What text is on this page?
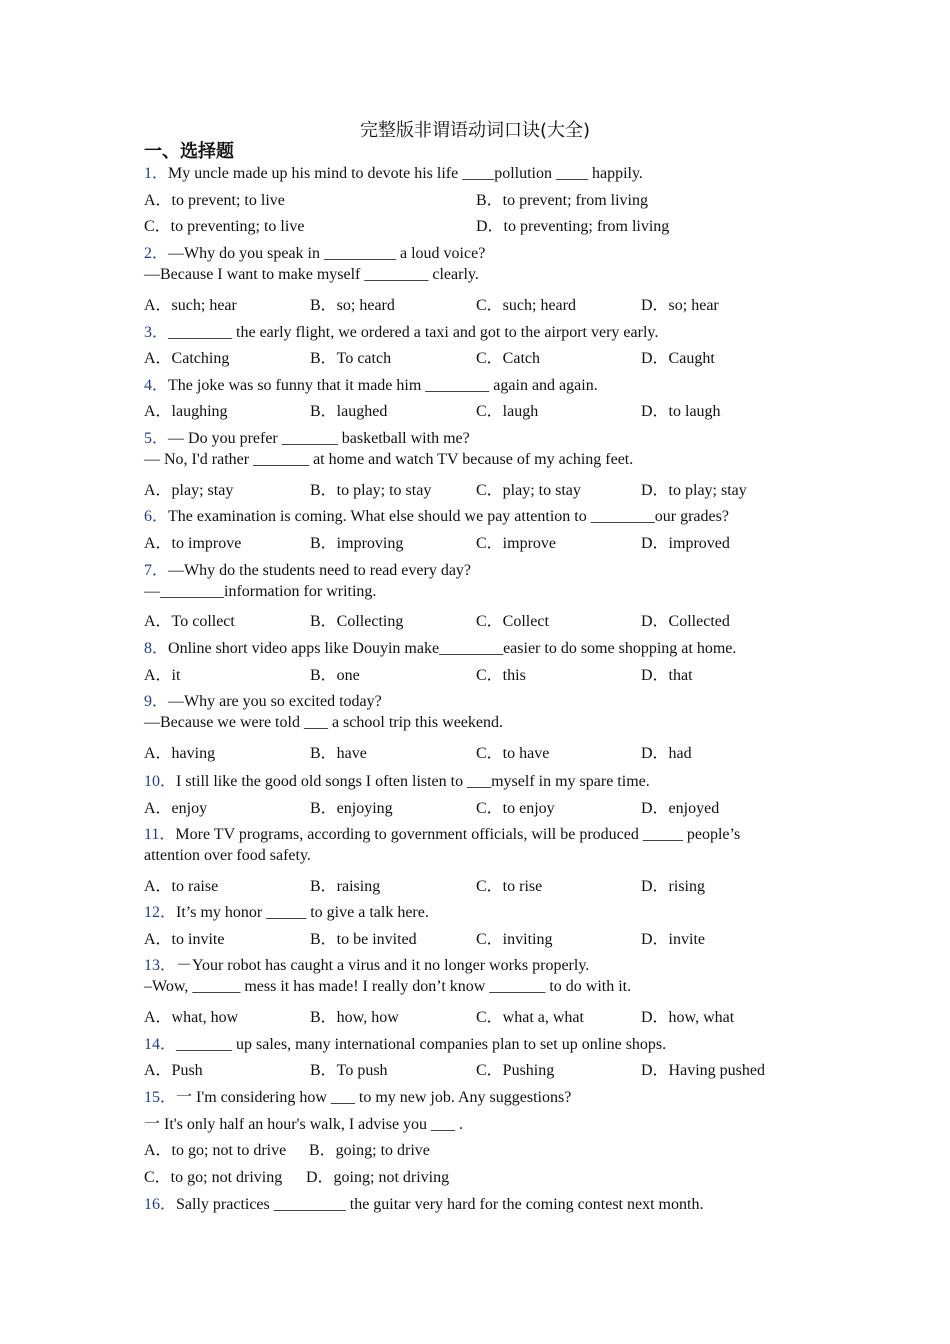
完整版非谓语动词口诀(大全)
一、选择题
1．My uncle made up his mind to devote his life ____pollution ____ happily.
A．to prevent; to live	B．to prevent; from living
C．to preventing; to live	D．to preventing; from living
2．—Why do you speak in _________ a loud voice?
—Because I want to make myself ________ clearly.
A．such; hear	B．so; heard	C．such; heard	D．so; hear
3．________ the early flight, we ordered a taxi and got to the airport very early.
A．Catching	B．To catch	C．Catch	D．Caught
4．The joke was so funny that it made him ________ again and again.
A．laughing	B．laughed	C．laugh	D．to laugh
5．— Do you prefer _______ basketball with me?
— No, I'd rather _______ at home and watch TV because of my aching feet.
A．play; stay	B．to play; to stay	C．play; to stay	D．to play; stay
6．The examination is coming. What else should we pay attention to ________our grades?
A．to improve	B．improving	C．improve	D．improved
7．—Why do the students need to read every day?
—________information for writing.
A．To collect	B．Collecting	C．Collect	D．Collected
8．Online short video apps like Douyin make________easier to do some shopping at home.
A．it	B．one	C．this	D．that
9．—Why are you so excited today?
—Because we were told ___ a school trip this weekend.
A．having	B．have	C．to have	D．had
10．I still like the good old songs I often listen to ___myself in my spare time.
A．enjoy	B．enjoying	C．to enjoy	D．enjoyed
11．More TV programs, according to government officials, will be produced _____ people’s
attention over food safety.
A．to raise	B．raising	C．to rise	D．rising
12．It’s my honor _____ to give a talk here.
A．to invite	B．to be invited	C．inviting	D．invite
13．－Your robot has caught a virus and it no longer works properly.
–Wow, ______ mess it has made! I really don’t know _______ to do with it.
A．what, how	B．how, how	C．what a, what	D．how, what
14．_______ up sales, many international companies plan to set up online shops.
A．Push	B．To push	C．Pushing	D．Having pushed
15．一 I'm considering how ___ to my new job. Any suggestions?
一 It's only half an hour's walk, I advise you ___ .
A．to go; not to drive B．going; to drive
C．to go; not driving D．going; not driving
16．Sally practices _________ the guitar very hard for the coming contest next month.
